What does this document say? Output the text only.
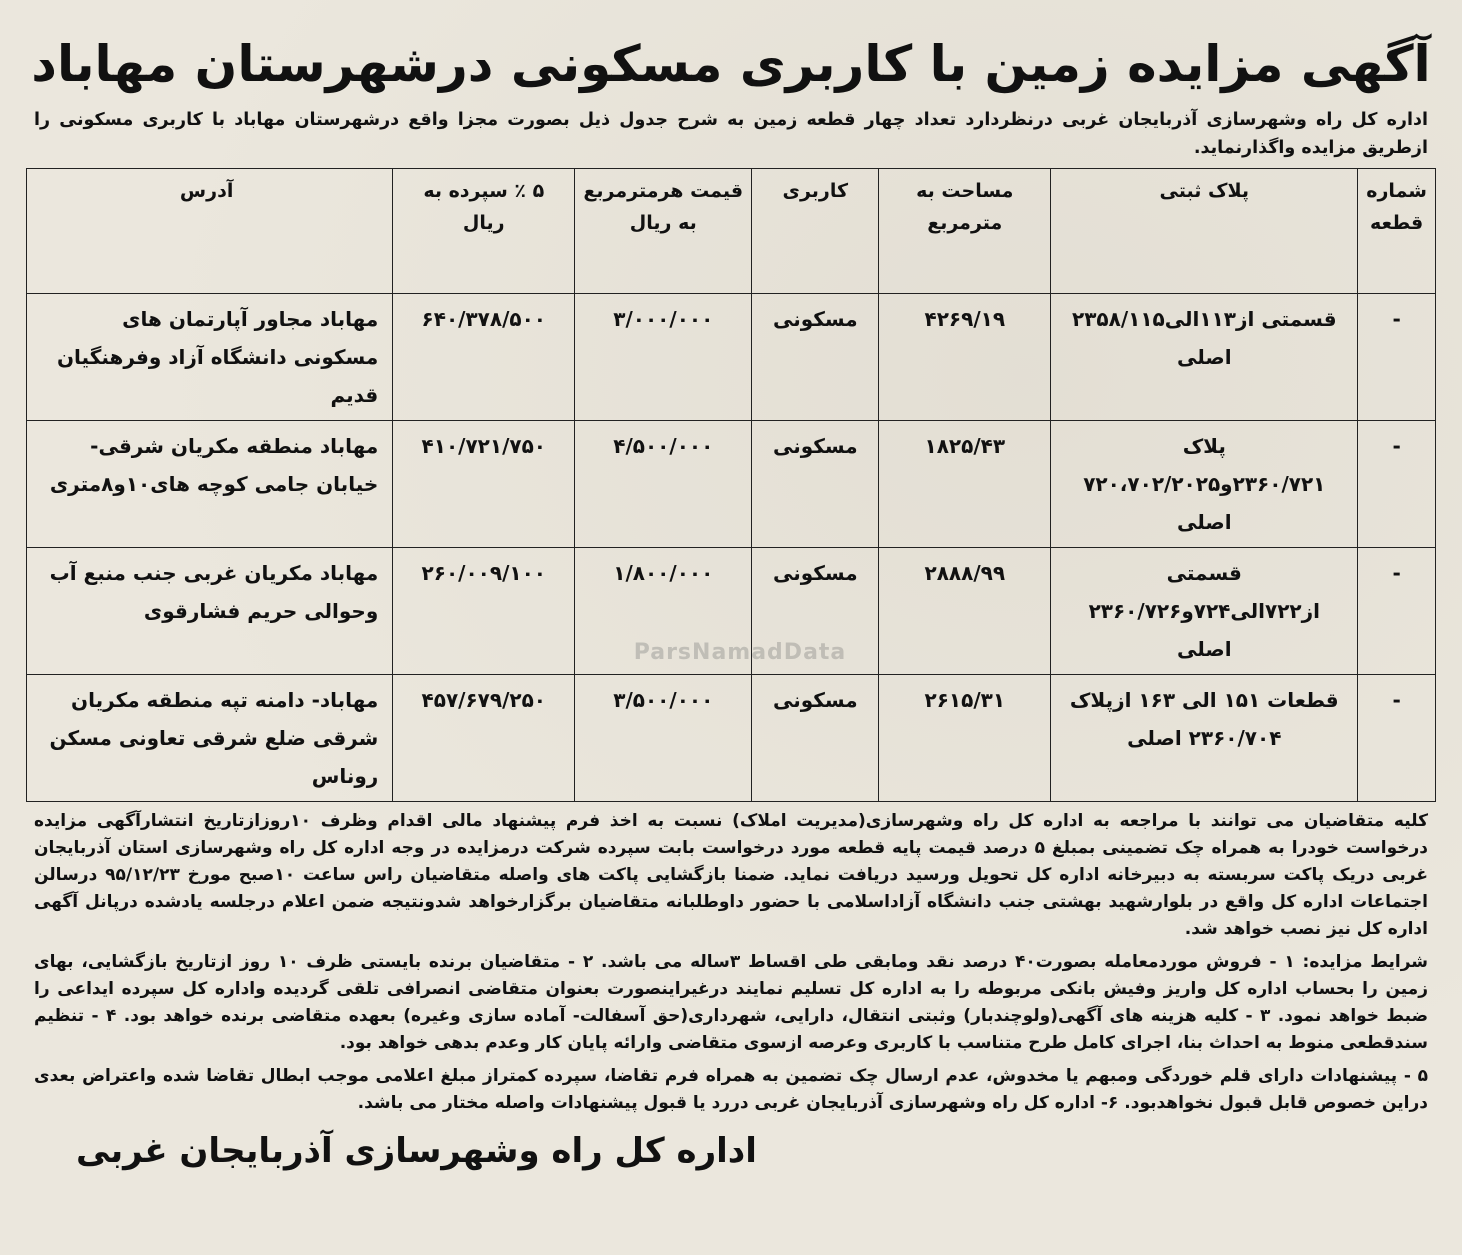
ParsNamadData
آگهی مزایده زمین با کاربری مسکونی درشهرستان مهاباد
اداره کل راه وشهرسازی آذربایجان غربی درنظردارد تعداد چهار قطعه زمین به شرح جدول ذیل بصورت مجزا واقع درشهرستان مهاباد با کاربری مسکونی را ازطریق مزایده واگذارنماید.
شماره قطعه	پلاک ثبتی	مساحت به مترمربع	کاربری	قیمت هرمترمربع به ریال	۵ ٪ سپرده به ریال	آدرس
-	قسمتی از۱۱۳الی۲۳۵۸/۱۱۵ اصلی	۴۲۶۹/۱۹	مسکونی	۳/۰۰۰/۰۰۰	۶۴۰/۳۷۸/۵۰۰	مهاباد مجاور آپارتمان های مسکونی دانشگاه آزاد وفرهنگیان قدیم
-	پلاک ۲۳۶۰/۷۲۱و۷۲۰،۷۰۲/۲۰۲۵ اصلی	۱۸۲۵/۴۳	مسکونی	۴/۵۰۰/۰۰۰	۴۱۰/۷۲۱/۷۵۰	مهاباد منطقه مکریان شرقی- خیابان جامی کوچه های۱۰و۸متری
-	قسمتی از۷۲۲الی۷۲۴و۲۳۶۰/۷۲۶ اصلی	۲۸۸۸/۹۹	مسکونی	۱/۸۰۰/۰۰۰	۲۶۰/۰۰۹/۱۰۰	مهاباد مکریان غربی جنب منبع آب وحوالی حریم فشارقوی
-	قطعات ۱۵۱ الی ۱۶۳ ازپلاک ۲۳۶۰/۷۰۴ اصلی	۲۶۱۵/۳۱	مسکونی	۳/۵۰۰/۰۰۰	۴۵۷/۶۷۹/۲۵۰	مهاباد- دامنه تپه منطقه مکریان شرقی ضلع شرقی تعاونی مسکن روناس
کلیه متقاضیان می توانند با مراجعه به اداره کل راه وشهرسازی(مدیریت املاک) نسبت به اخذ فرم پیشنهاد مالی اقدام وظرف ۱۰روزازتاریخ انتشارآگهی مزایده درخواست خودرا به همراه چک تضمینی بمبلغ ۵ درصد قیمت پایه قطعه مورد درخواست بابت سپرده شرکت درمزایده در وجه اداره کل راه وشهرسازی استان آذربایجان غربی دریک پاکت سربسته به دبیرخانه اداره کل تحویل ورسید دریافت نماید. ضمنا بازگشایی پاکت های واصله متقاضیان راس ساعت ۱۰صبح مورخ ۹۵/۱۲/۲۳ درسالن اجتماعات اداره کل واقع در بلوارشهید بهشتی جنب دانشگاه آزاداسلامی با حضور داوطلبانه متقاضیان برگزارخواهد شدونتیجه ضمن اعلام درجلسه یادشده درپانل آگهی اداره کل نیز نصب خواهد شد.
شرایط مزایده: ۱ - فروش موردمعامله بصورت۴۰ درصد نقد ومابقی طی اقساط ۳ساله می باشد. ۲ - متقاضیان برنده بایستی ظرف ۱۰ روز ازتاریخ بازگشایی، بهای زمین را بحساب اداره کل واریز وفیش بانکی مربوطه را به اداره کل تسلیم نمایند درغیراینصورت بعنوان متقاضی انصرافی تلقی گردیده واداره کل سپرده ایداعی را ضبط خواهد نمود. ۳ - کلیه هزینه های آگهی(ولوچندبار) وثبتی انتقال، دارایی، شهرداری(حق آسفالت- آماده سازی وغیره) بعهده متقاضی برنده خواهد بود. ۴ - تنظیم سندقطعی منوط به احداث بنا، اجرای کامل طرح متناسب با کاربری وعرصه ازسوی متقاضی وارائه پایان کار وعدم بدهی خواهد بود.
۵ - پیشنهادات دارای قلم خوردگی ومبهم یا مخدوش، عدم ارسال چک تضمین به همراه فرم تقاضا، سپرده کمتراز مبلغ اعلامی موجب ابطال تقاضا شده واعتراض بعدی دراین خصوص قابل قبول نخواهدبود. ۶- اداره کل راه وشهرسازی آذربایجان غربی دررد یا قبول پیشنهادات واصله مختار می باشد.
اداره کل راه وشهرسازی آذربایجان غربی
